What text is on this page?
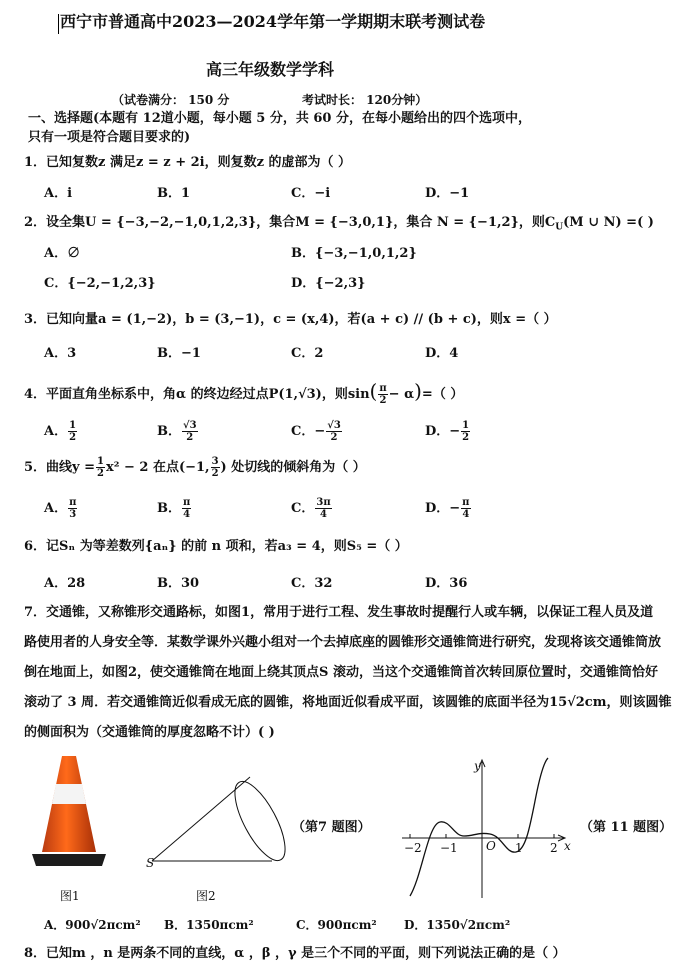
西宁市普通高中2023—2024学年第一学期期末联考测试卷
高三年级数学学科
（试卷满分： 150 分	考试时长： 120分钟）
一、选择题(本题有 12道小题，每小题 5 分，共 60 分，在每小题给出的四个选项中，
只有一项是符合题目要求的)
1．已知复数z 满足z = z + 2i，则复数z 的虚部为（ ）
A．i	B．1	C．−i	D．−1
2．设全集U = {−3,−2,−1,0,1,2,3}，集合M = {−3,0,1}，集合 N = {−1,2}，则$C_U(M$ ∪ N) =( )
A．∅	B．{−3,−1,0,1,2}
C．{−2,−1,2,3}	D．{−2,3}
3．已知向量a = (1,−2)，b = (3,−1)，c = (x,4)，若(a + c) // (b + c)，则x =（ ）
A．3	B．−1	C．2	D．4
4．平面直角坐标系中，角α 的终边经过点P(1,√3)，则$\sin( \frac{\pi}{2} - \alpha)=$（ ）
A． $\frac{1}{2}$	B． $\frac{√3}{2}$	C．− $\frac{√3}{2}$	D．− $\frac{1}{2}$
5．曲线$y = \frac{1}{2} x^2 - 2$ 在点(−1, $\frac{3}{2}$ ) 处切线的倾斜角为（ ）
A． $\frac{\pi}{3}$	B． $\frac{\pi}{4}$	C． $\frac{3\pi}{4}$	D．− $\frac{\pi}{4}$
6．记Sₙ 为等差数列{aₙ} 的前 n 项和，若a₃ = 4，则S₅ =（ ）
A．28	B．30	C．32	D．36
7．交通锥，又称锥形交通路标，如图1，常用于进行工程、发生事故时提醒行人或车辆，以保证工程人员及道
路使用者的人身安全等．某数学课外兴趣小组对一个去掉底座的圆锥形交通锥筒进行研究，发现将该交通锥筒放
倒在地面上，如图2，使交通锥筒在地面上绕其顶点S 滚动，当这个交通锥筒首次转回原位置时，交通锥筒恰好
滚动了 3 周．若交通锥筒近似看成无底的圆锥，将地面近似看成平面，该圆锥的底面半径为15√2cm，则该圆锥
的侧面积为（交通锥筒的厚度忽略不计）( )
图1
S
图2
（第7 题图）
y
x
O
−2 −1	1 2
（第 11 题图）
A．900√2πcm² B．1350πcm²	C．900πcm² D．1350√2πcm²
8．已知m ，n 是两条不同的直线，α ，β ，γ 是三个不同的平面，则下列说法正确的是（ ）
